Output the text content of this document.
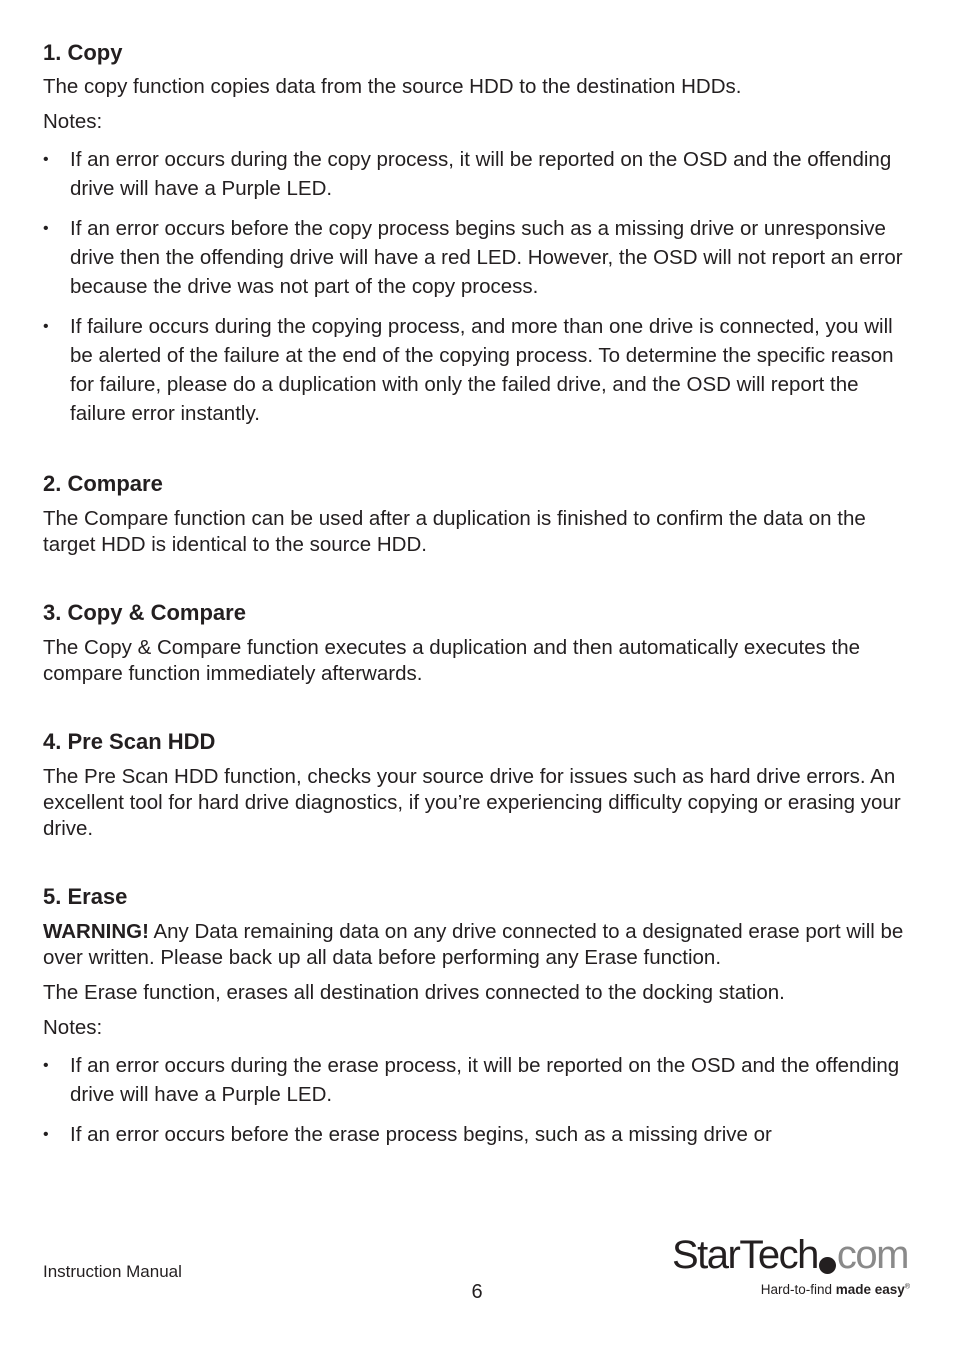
1. Copy

The copy function copies data from the source HDD to the destination HDDs.

Notes:

• If an error occurs during the copy process, it will be reported on the OSD and the offending drive will have a Purple LED.
• If an error occurs before the copy process begins such as a missing drive or unresponsive drive then the offending drive will have a red LED. However, the OSD will not report an error because the drive was not part of the copy process.
• If failure occurs during the copying process, and more than one drive is connected, you will be alerted of the failure at the end of the copying process. To determine the specific reason for failure, please do a duplication with only the failed drive, and the OSD will report the failure error instantly.
2. Compare

The Compare function can be used after a duplication is finished to confirm the data on the target HDD is identical to the source HDD.

3. Copy & Compare

The Copy & Compare function executes a duplication and then automatically executes the compare function immediately afterwards.

4. Pre Scan HDD

The Pre Scan HDD function, checks your source drive for issues such as hard drive errors. An excellent tool for hard drive diagnostics, if you’re experiencing difficulty copying or erasing your drive.

5. Erase

WARNING! Any Data remaining data on any drive connected to a designated erase port will be over written. Please back up all data before performing any Erase function.

The Erase function, erases all destination drives connected to the docking station.

Notes:

• If an error occurs during the erase process, it will be reported on the OSD and the offending drive will have a Purple LED.
• If an error occurs before the erase process begins, such as a missing drive or
Instruction Manual
6
StarTech com
Hard-to-find made easy®
